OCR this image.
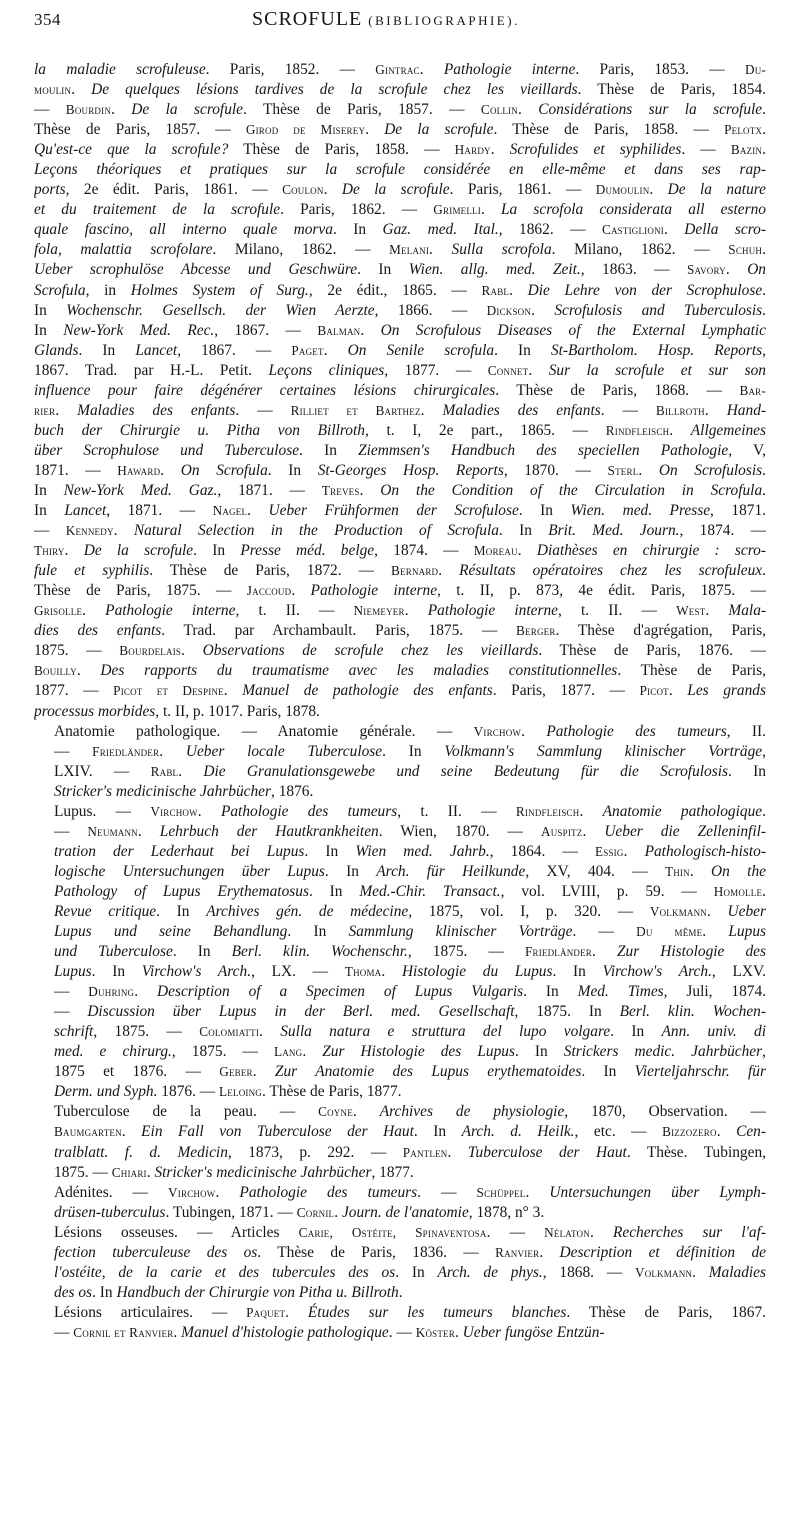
354	SCROFULE (BIBLIOGRAPHIE).
la maladie scrofuleuse. Paris, 1852. — Gintrac. Pathologie interne. Paris, 1853. — Du-
moulin. De quelques lésions tardives de la scrofule chez les vieillards. Thèse de Paris, 1854.
— Bourdin. De la scrofule. Thèse de Paris, 1857. — Collin. Considérations sur la scrofule.
Thèse de Paris, 1857. — Girod de Miserey. De la scrofule. Thèse de Paris, 1858. — Pelotx.
Qu'est-ce que la scrofule? Thèse de Paris, 1858. — Hardy. Scrofulides et syphilides. — Bazin.
Leçons théoriques et pratiques sur la scrofule considérée en elle-même et dans ses rap-
ports, 2e édit. Paris, 1861. — Coulon. De la scrofule. Paris, 1861. — Dumoulin. De la nature
et du traitement de la scrofule. Paris, 1862. — Grimelli. La scrofola considerata all esterno
quale fascino, all interno quale morva. In Gaz. med. Ital., 1862. — Castiglioni. Della scro-
fola, malattia scrofolare. Milano, 1862. — Melani. Sulla scrofola. Milano, 1862. — Schuh.
Ueber scrophulöse Abcesse und Geschwüre. In Wien. allg. med. Zeit., 1863. — Savory. On
Scrofula, in Holmes System of Surg., 2e édit., 1865. — Rabl. Die Lehre von der Scrophulose.
In Wochenschr. Gesellsch. der Wien Aerzte, 1866. — Dickson. Scrofulosis and Tuberculosis.
In New-York Med. Rec., 1867. — Balman. On Scrofulous Diseases of the External Lymphatic
Glands. In Lancet, 1867. — Paget. On Senile scrofula. In St-Bartholom. Hosp. Reports,
1867. Trad. par H.-L. Petit. Leçons cliniques, 1877. — Connet. Sur la scrofule et sur son
influence pour faire dégénérer certaines lésions chirurgicales. Thèse de Paris, 1868. — Bar-
rier. Maladies des enfants. — Rilliet et Barthez. Maladies des enfants. — Billroth. Hand-
buch der Chirurgie u. Pitha von Billroth, t. I, 2e part., 1865. — Rindfleisch. Allgemeines
über Scrophulose und Tuberculose. In Ziemmsen's Handbuch des speciellen Pathologie, V,
1871. — Haward. On Scrofula. In St-Georges Hosp. Reports, 1870. — Sterl. On Scrofulosis.
In New-York Med. Gaz., 1871. — Treves. On the Condition of the Circulation in Scrofula.
In Lancet, 1871. — Nagel. Ueber Frühformen der Scrofulose. In Wien. med. Presse, 1871.
— Kennedy. Natural Selection in the Production of Scrofula. In Brit. Med. Journ., 1874. —
Thiry. De la scrofule. In Presse méd. belge, 1874. — Moreau. Diathèses en chirurgie : scro-
fule et syphilis. Thèse de Paris, 1872. — Bernard. Résultats opératoires chez les scrofuleux.
Thèse de Paris, 1875. — Jaccoud. Pathologie interne, t. II, p. 873, 4e édit. Paris, 1875. —
Grisolle. Pathologie interne, t. II. — Niemeyer. Pathologie interne, t. II. — West. Mala-
dies des enfants. Trad. par Archambault. Paris, 1875. — Berger. Thèse d'agrégation, Paris,
1875. — Bourdelais. Observations de scrofule chez les vieillards. Thèse de Paris, 1876. —
Bouilly. Des rapports du traumatisme avec les maladies constitutionnelles. Thèse de Paris,
1877. — Picot et Despine. Manuel de pathologie des enfants. Paris, 1877. — Picot. Les grands
processus morbides, t. II, p. 1017. Paris, 1878.
Anatomie pathologique. — Anatomie générale. — Virchow. Pathologie des tumeurs, II.
— Friedländer. Ueber locale Tuberculose. In Volkmann's Sammlung klinischer Vorträge,
LXIV. — Rabl. Die Granulationsgewebe und seine Bedeutung für die Scrofulosis. In
Stricker's medicinische Jahrbücher, 1876.
Lupus. — Virchow. Pathologie des tumeurs, t. II. — Rindfleisch. Anatomie pathologique.
— Neumann. Lehrbuch der Hautkrankheiten. Wien, 1870. — Auspitz. Ueber die Zelleninfil-
tration der Lederhaut bei Lupus. In Wien med. Jahrb., 1864. — Essig. Pathologisch-histo-
logische Untersuchungen über Lupus. In Arch. für Heilkunde, XV, 404. — Thin. On the
Pathology of Lupus Erythematosus. In Med.-Chir. Transact., vol. LVIII, p. 59. — Homolle.
Revue critique. In Archives gén. de médecine, 1875, vol. I, p. 320. — Volkmann. Ueber
Lupus und seine Behandlung. In Sammlung klinischer Vorträge. — Du même. Lupus
und Tuberculose. In Berl. klin. Wochenschr., 1875. — Friedländer. Zur Histologie des
Lupus. In Virchow's Arch., LX. — Thoma. Histologie du Lupus. In Virchow's Arch., LXV.
— Duhring. Description of a Specimen of Lupus Vulgaris. In Med. Times, Juli, 1874.
— Discussion über Lupus in der Berl. med. Gesellschaft, 1875. In Berl. klin. Wochen-
schrift, 1875. — Colomiatti. Sulla natura e struttura del lupo volgare. In Ann. univ. di
med. e chirurg., 1875. — Lang. Zur Histologie des Lupus. In Strickers medic. Jahrbücher,
1875 et 1876. — Geber. Zur Anatomie des Lupus erythematoides. In Vierteljahrschr. für
Derm. und Syph. 1876. — Leloing. Thèse de Paris, 1877.
Tuberculose de la peau. — Coyne. Archives de physiologie, 1870, Observation. —
Baumgarten. Ein Fall von Tuberculose der Haut. In Arch. d. Heilk., etc. — Bizzozero. Cen-
tralblatt. f. d. Medicin, 1873, p. 292. — Pantlen. Tuberculose der Haut. Thèse. Tubingen,
1875. — Chiari. Stricker's medicinische Jahrbücher, 1877.
Adénites. — Virchow. Pathologie des tumeurs. — Schüppel. Untersuchungen über Lymph-
drüsen-tuberculus. Tubingen, 1871. — Cornil. Journ. de l'anatomie, 1878, n° 3.
Lésions osseuses. — Articles Carie, Ostéite, Spinaventosa. — Nélaton. Recherches sur l'af-
fection tuberculeuse des os. Thèse de Paris, 1836. — Ranvier. Description et définition de
l'ostéite, de la carie et des tubercules des os. In Arch. de phys., 1868. — Volkmann. Maladies
des os. In Handbuch der Chirurgie von Pitha u. Billroth.
Lésions articulaires. — Paquet. Études sur les tumeurs blanches. Thèse de Paris, 1867.
— Cornil et Ranvier. Manuel d'histologie pathologique. — Köster. Ueber fungöse Entzün-
